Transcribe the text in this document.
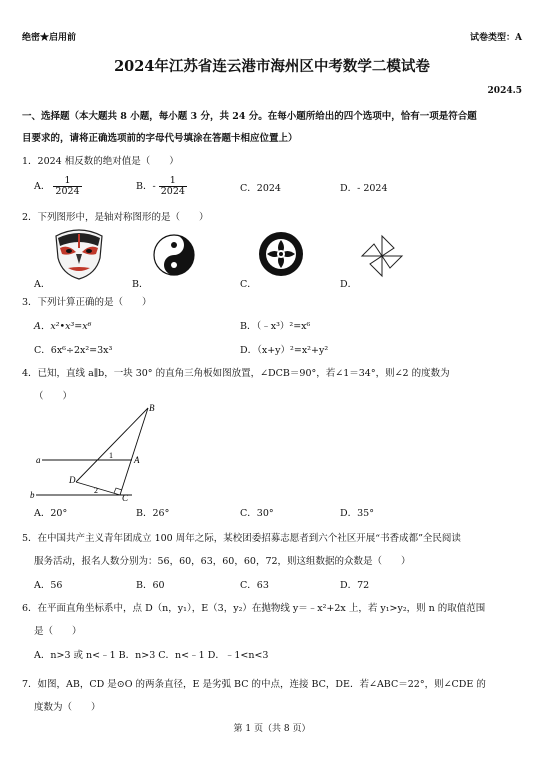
绝密★启用前	试卷类型：A
2024年江苏省连云港市海州区中考数学二模试卷
2024.5
一、选择题（本大题共 8 小题，每小题 3 分，共 24 分。在每小题所给出的四个选项中，恰有一项是符合题
目要求的，请将正确选项前的字母代号填涂在答题卡相应位置上）
1．2024 相反数的绝对值是（　　）
A． $\frac{1}{2024}$	B．- $\frac{1}{2024}$	C．2024	D．- 2024
2．下列图形中，是轴对称图形的是（　　）
A．	B．	C．	D．
3．下列计算正确的是（　　）
A．x²•x³=x⁶	B．（﹣x³）²=x⁶
C．6x⁶÷2x²=3x³	D．（x+y）²=x²+y²
4．已知，直线 a∥b，一块 30° 的直角三角板如图放置，∠DCB＝90°，若∠1＝34°，则∠2 的度数为
（　　）
B
a	A
1
D
2
b	C
A．20°	B．26°	C．30°	D．35°
5．在中国共产主义青年团成立 100 周年之际，某校团委招募志愿者到六个社区开展“书香成都”全民阅读
服务活动，报名人数分别为：56，60，63，60，60，72，则这组数据的众数是（　　）
A．56	B．60	C．63	D．72
6．在平面直角坐标系中，点 D（n，y₁），E（3，y₂）在抛物线 y＝﹣x²+2x 上，若 y₁>y₂，则 n 的取值范围
是（　　）
A．n>3 或 n<﹣1 B．n>3 C．n<﹣1 D．﹣1<n<3
7．如图，AB，CD 是⊙O 的两条直径，E 是劣弧 BC 的中点，连接 BC，DE．若∠ABC＝22°，则∠CDE 的
度数为（　　）
第 1 页（共 8 页）
